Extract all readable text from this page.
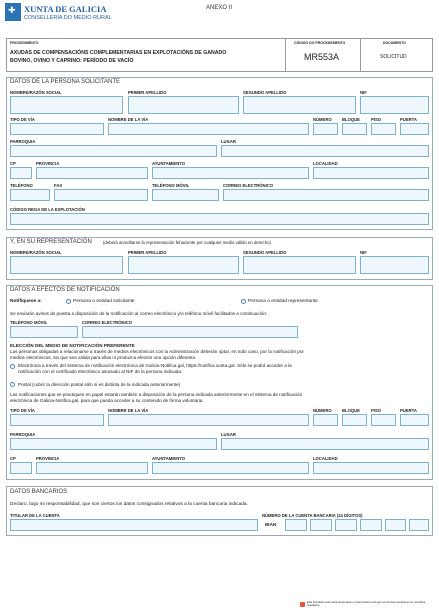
✚
XUNTA DE GALICIA
CONSELLERÍA DO MEDIO RURAL
ANEXO II
PROCEDIMENTO
AXUDAS DE COMPENSACIÓNS COMPLEMENTARIAS EN EXPLOTACIÓNS DE GANADO
BOVINO, OVINO Y CAPRINO: PERÍODO DE VACÍO
CÓDIGO DO PROCEDEMENTO
MR553A
DOCUMENTO
SOLICITUD
DATOS DE LA PERSONA SOLICITANTE
NOMBRE/RAZÓN SOCIAL	PRIMER APELLIDO	SEGUNDO APELLIDO	NIF
TIPO DE VÍA	NOMBRE DE LA VÍA	NÚMERO BLOQUE	PISO	PUERTA
PARROQUIA	LUGAR
CP	PROVINCIA	AYUNTAMIENTO	LOCALIDAD
TELÉFONO	FAX	TELÉFONO MÓVIL	CORREO ELECTRÓNICO
CÓDIGO REGA DE LA EXPLOTACIÓN
Y, EN SU REPRESENTACIÓN	(deberá acreditarse la representación fehaciente por cualquier medio válido en derecho)
NOMBRE/RAZÓN SOCIAL	PRIMER APELLIDO	SEGUNDO APELLIDO	NIF
DATOS A EFECTOS DE NOTIFICACIÓN
Notifíquese a:	Persona o entidad solicitante	Persona o entidad representante
Se enviarán avisos de puesta a disposición de la notificación al correo electrónico y/o teléfono móvil facilitados a continuación:
TELÉFONO MÓVIL	CORREO ELECTRÓNICO
ELECCIÓN DEL MEDIO DE NOTIFICACIÓN PREFERENTE
Las personas obligadas a relacionarse a través de medios electrónicos con la Administración deberán optar, en todo caso, por la notificación por
medios electrónicos, sin que sea válida para ellas ni produzca efectos una opción diferente.
Electrónica a través del Sistema de notificación electrónica de Galicia-Notifica.gal, https://notifica.xunta.gal. Sólo se podrá acceder a la
notificación con el certificado electrónico asociado al NIF de la persona indicada.
Postal (cubrir la dirección postal sólo si es distinta de la indicada anteriormente)
Las notificaciones que se practiquen en papel estarán también a disposición de la persona indicada anteriormente en el Sistema de notificación
electrónica de Galicia-Notifica.gal, para que pueda acceder a su contenido de forma voluntaria.
TIPO DE VÍA	NOMBRE DE LA VÍA	NÚMERO BLOQUE	PISO	PUERTA
PARROQUIA	LUGAR
CP	PROVINCIA	AYUNTAMIENTO	LOCALIDAD
DATOS BANCARIOS
Declaro, bajo mi responsabilidad, que son ciertos los datos consignados relativos a la cuenta bancaria indicada.
TITULAR DE LA CUENTA	NÚMERO DE LA CUENTA BANCARIA (24 DÍGITOS)
IBAN
Este formulario sólo podrá presentarse en https://sede.xunta.gal. Los formas previstas en su normativa reguladora
